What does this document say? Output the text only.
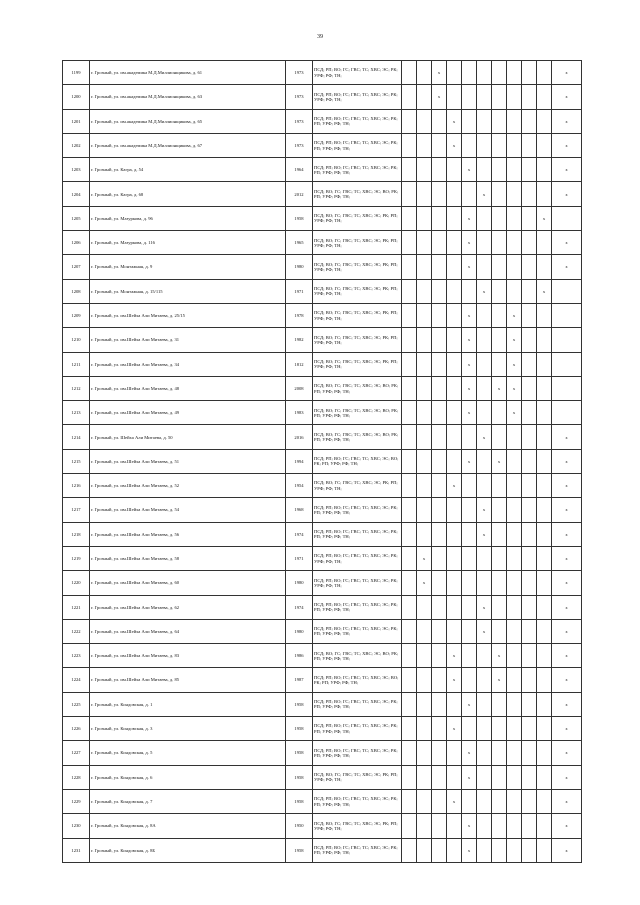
39
1199	г. Грозный, ул. им.академика М.Д.Миллионщикова, д. 61	1973	ПСД; РП; ВО; ГС; ГВС; ТС; ХВС; ЭС; РК; УРФ; РФ; ТН;			х								х
1200	г. Грозный, ул. им.академика М.Д.Миллионщикова, д. 63	1973	ПСД; РП; ВО; ГС; ГВС; ТС; ХВС; ЭС; РК; УРФ; РФ; ТН;			х								х
1201	г. Грозный, ул. им.академика М.Д.Миллионщикова, д. 65	1973	ПСД; РП; ВО; ГС; ГВС; ТС; ХВС; ЭС; РК; РП; УРФ; РФ; ТН;				х							х
1202	г. Грозный, ул. им.академика М.Д.Миллионщикова, д. 67	1973	ПСД; РП; ВО; ГС; ГВС; ТС; ХВС; ЭС; РК; РП; УРФ; РФ; ТН;				х							х
1203	г. Грозный, ул. Кагра, д. 54	1964	ПСД; РП; ВО; ГС; ГВС; ТС; ХВС; ЭС; РК; РП; УРФ; РФ; ТН;					х						х
1204	г. Грозный, ул. Кагра, д. 68	2012	ПСД; ВО; ГС; ГВС; ТС; ХВС; ЭС; ВО; РК; РП; УРФ; РФ; ТН;						х					х
1205	г. Грозный, ул. Мазуркова, д. 96	1958	ПСД; ВО; ГС; ГВС; ТС; ХВС; ЭС; РК; РП; УРФ; РФ; ТН;					х					х	
1206	г. Грозный, ул. Мазуркова, д. 116	1965	ПСД; ВО; ГС; ГВС; ТС; ХВС; ЭС; РК; РП; УРФ; РФ; ТН;					х						х
1207	г. Грозный, ул. Монтажная, д. 9	1980	ПСД; ВО; ГС; ГВС; ТС; ХВС; ЭС; РК; РП; УРФ; РФ; ТН;					х						х
1208	г. Грозный, ул. Монтажная, д. 15/115	1971	ПСД; ВО; ГС; ГВС; ТС; ХВС; ЭС; РК; РП; УРФ; РФ; ТН;						х				х	
1209	г. Грозный, ул. им.Шейха Али Митаева, д. 25/15	1978	ПСД; ВО; ГС; ГВС; ТС; ХВС; ЭС; РК; РП; УРФ; РФ; ТН;					х			х			
1210	г. Грозный, ул. им.Шейха Али Митаева, д. 31	1982	ПСД; ВО; ГС; ГВС; ТС; ХВС; ЭС; РК; РП; УРФ; РФ; ТН;					х			х			
1211	г. Грозный, ул. им.Шейха Али Митаева, д. 34	1812	ПСД; ВО; ГС; ГВС; ТС; ХВС; ЭС; РК; РП; УРФ; РФ; ТН;					х			х			
1212	г. Грозный, ул. им.Шейха Али Митаева, д. 48	2008	ПСД; ВО; ГС; ГВС; ТС; ХВС; ЭС; ВО; РК; РП; УРФ; РФ; ТН;					х		х	х			
1213	г. Грозный, ул. им.Шейха Али Митаева, д. 49	1983	ПСД; ВО; ГС; ГВС; ТС; ХВС; ЭС; ВО; РК; РП; УРФ; РФ; ТН;					х			х			
1214	г. Грозный, ул. Шейха Али Митаева, д. 50	2016	ПСД; ВО; ГС; ГВС; ТС; ХВС; ЭС; ВО; РК; РП; УРФ; РФ; ТН;						х					х
1215	г. Грозный, ул. им.Шейха Али Митаева, д. 51	1994	ПСД; РП; ВО; ГС; ГВС; ТС; ХВС; ЭС; ВО; РК; РП; УРФ; РФ; ТН;					х		х				х
1216	г. Грозный, ул. им.Шейха Али Митаева, д. 52	1954	ПСД; ВО; ГС; ГВС; ТС; ХВС; ЭС; РК; РП; УРФ; РФ; ТН;				х							х
1217	г. Грозный, ул. им.Шейха Али Митаева, д. 54	1968	ПСД; РП; ВО; ГС; ГВС; ТС; ХВС; ЭС; РК; РП; УРФ; РФ; ТН;						х					х
1218	г. Грозный, ул. им.Шейха Али Митаева, д. 56	1974	ПСД; РП; ВО; ГС; ГВС; ТС; ХВС; ЭС; РК; РП; УРФ; РФ; ТН;						х					х
1219	г. Грозный, ул. им.Шейха Али Митаева, д. 58	1971	ПСД; РП; ВО; ГС; ГВС; ТС; ХВС; ЭС; РК; УРФ; РФ; ТН;		х									х
1220	г. Грозный, ул. им.Шейха Али Митаева, д. 60	1980	ПСД; РП; ВО; ГС; ГВС; ТС; ХВС; ЭС; РК; УРФ; РФ; ТН;		х									х
1221	г. Грозный, ул. им.Шейха Али Митаева, д. 62	1974	ПСД; РП; ВО; ГС; ГВС; ТС; ХВС; ЭС; РК; РП; УРФ; РФ; ТН;						х					х
1222	г. Грозный, ул. им.Шейха Али Митаева, д. 64	1980	ПСД; РП; ВО; ГС; ГВС; ТС; ХВС; ЭС; РК; РП; УРФ; РФ; ТН;						х					х
1223	г. Грозный, ул. им.Шейха Али Митаева, д. 83	1986	ПСД; ВО; ГС; ГВС; ТС; ХВС; ЭС; ВО; РК; РП; УРФ; РФ; ТН;				х			х				х
1224	г. Грозный, ул. им.Шейха Али Митаева, д. 85	1987	ПСД; РП; ВО; ГС; ГВС; ТС; ХВС; ЭС; ВО; РК; РП; УРФ; РФ; ТН;				х			х				х
1225	г. Грозный, ул. Кондовская, д. 1	1958	ПСД; РП; ВО; ГС; ГВС; ТС; ХВС; ЭС; РК; РП; УРФ; РФ; ТН;					х						х
1226	г. Грозный, ул. Кондовская, д. 3	1958	ПСД; РП; ВО; ГС; ГВС; ТС; ХВС; ЭС; РК; РП; УРФ; РФ; ТН;				х							х
1227	г. Грозный, ул. Кондовская, д. 5	1958	ПСД; РП; ВО; ГС; ГВС; ТС; ХВС; ЭС; РК; РП; УРФ; РФ; ТН;					х						х
1228	г. Грозный, ул. Кондовская, д. 6	1958	ПСД; ВО; ГС; ГВС; ТС; ХВС; ЭС; РК; РП; УРФ; РФ; ТН;					х						х
1229	г. Грозный, ул. Кондовская, д. 7	1958	ПСД; РП; ВО; ГС; ГВС; ТС; ХВС; ЭС; РК; РП; УРФ; РФ; ТН;				х							х
1230	г. Грозный, ул. Кондовская, д. 8А	1950	ПСД; ВО; ГС; ГВС; ТС; ХВС; ЭС; РК; РП; УРФ; РФ; ТН;					х						х
1231	г. Грозный, ул. Кондовская, д. 8Б	1958	ПСД; РП; ВО; ГС; ГВС; ТС; ХВС; ЭС; РК; РП; УРФ; РФ; ТН;					х						х
